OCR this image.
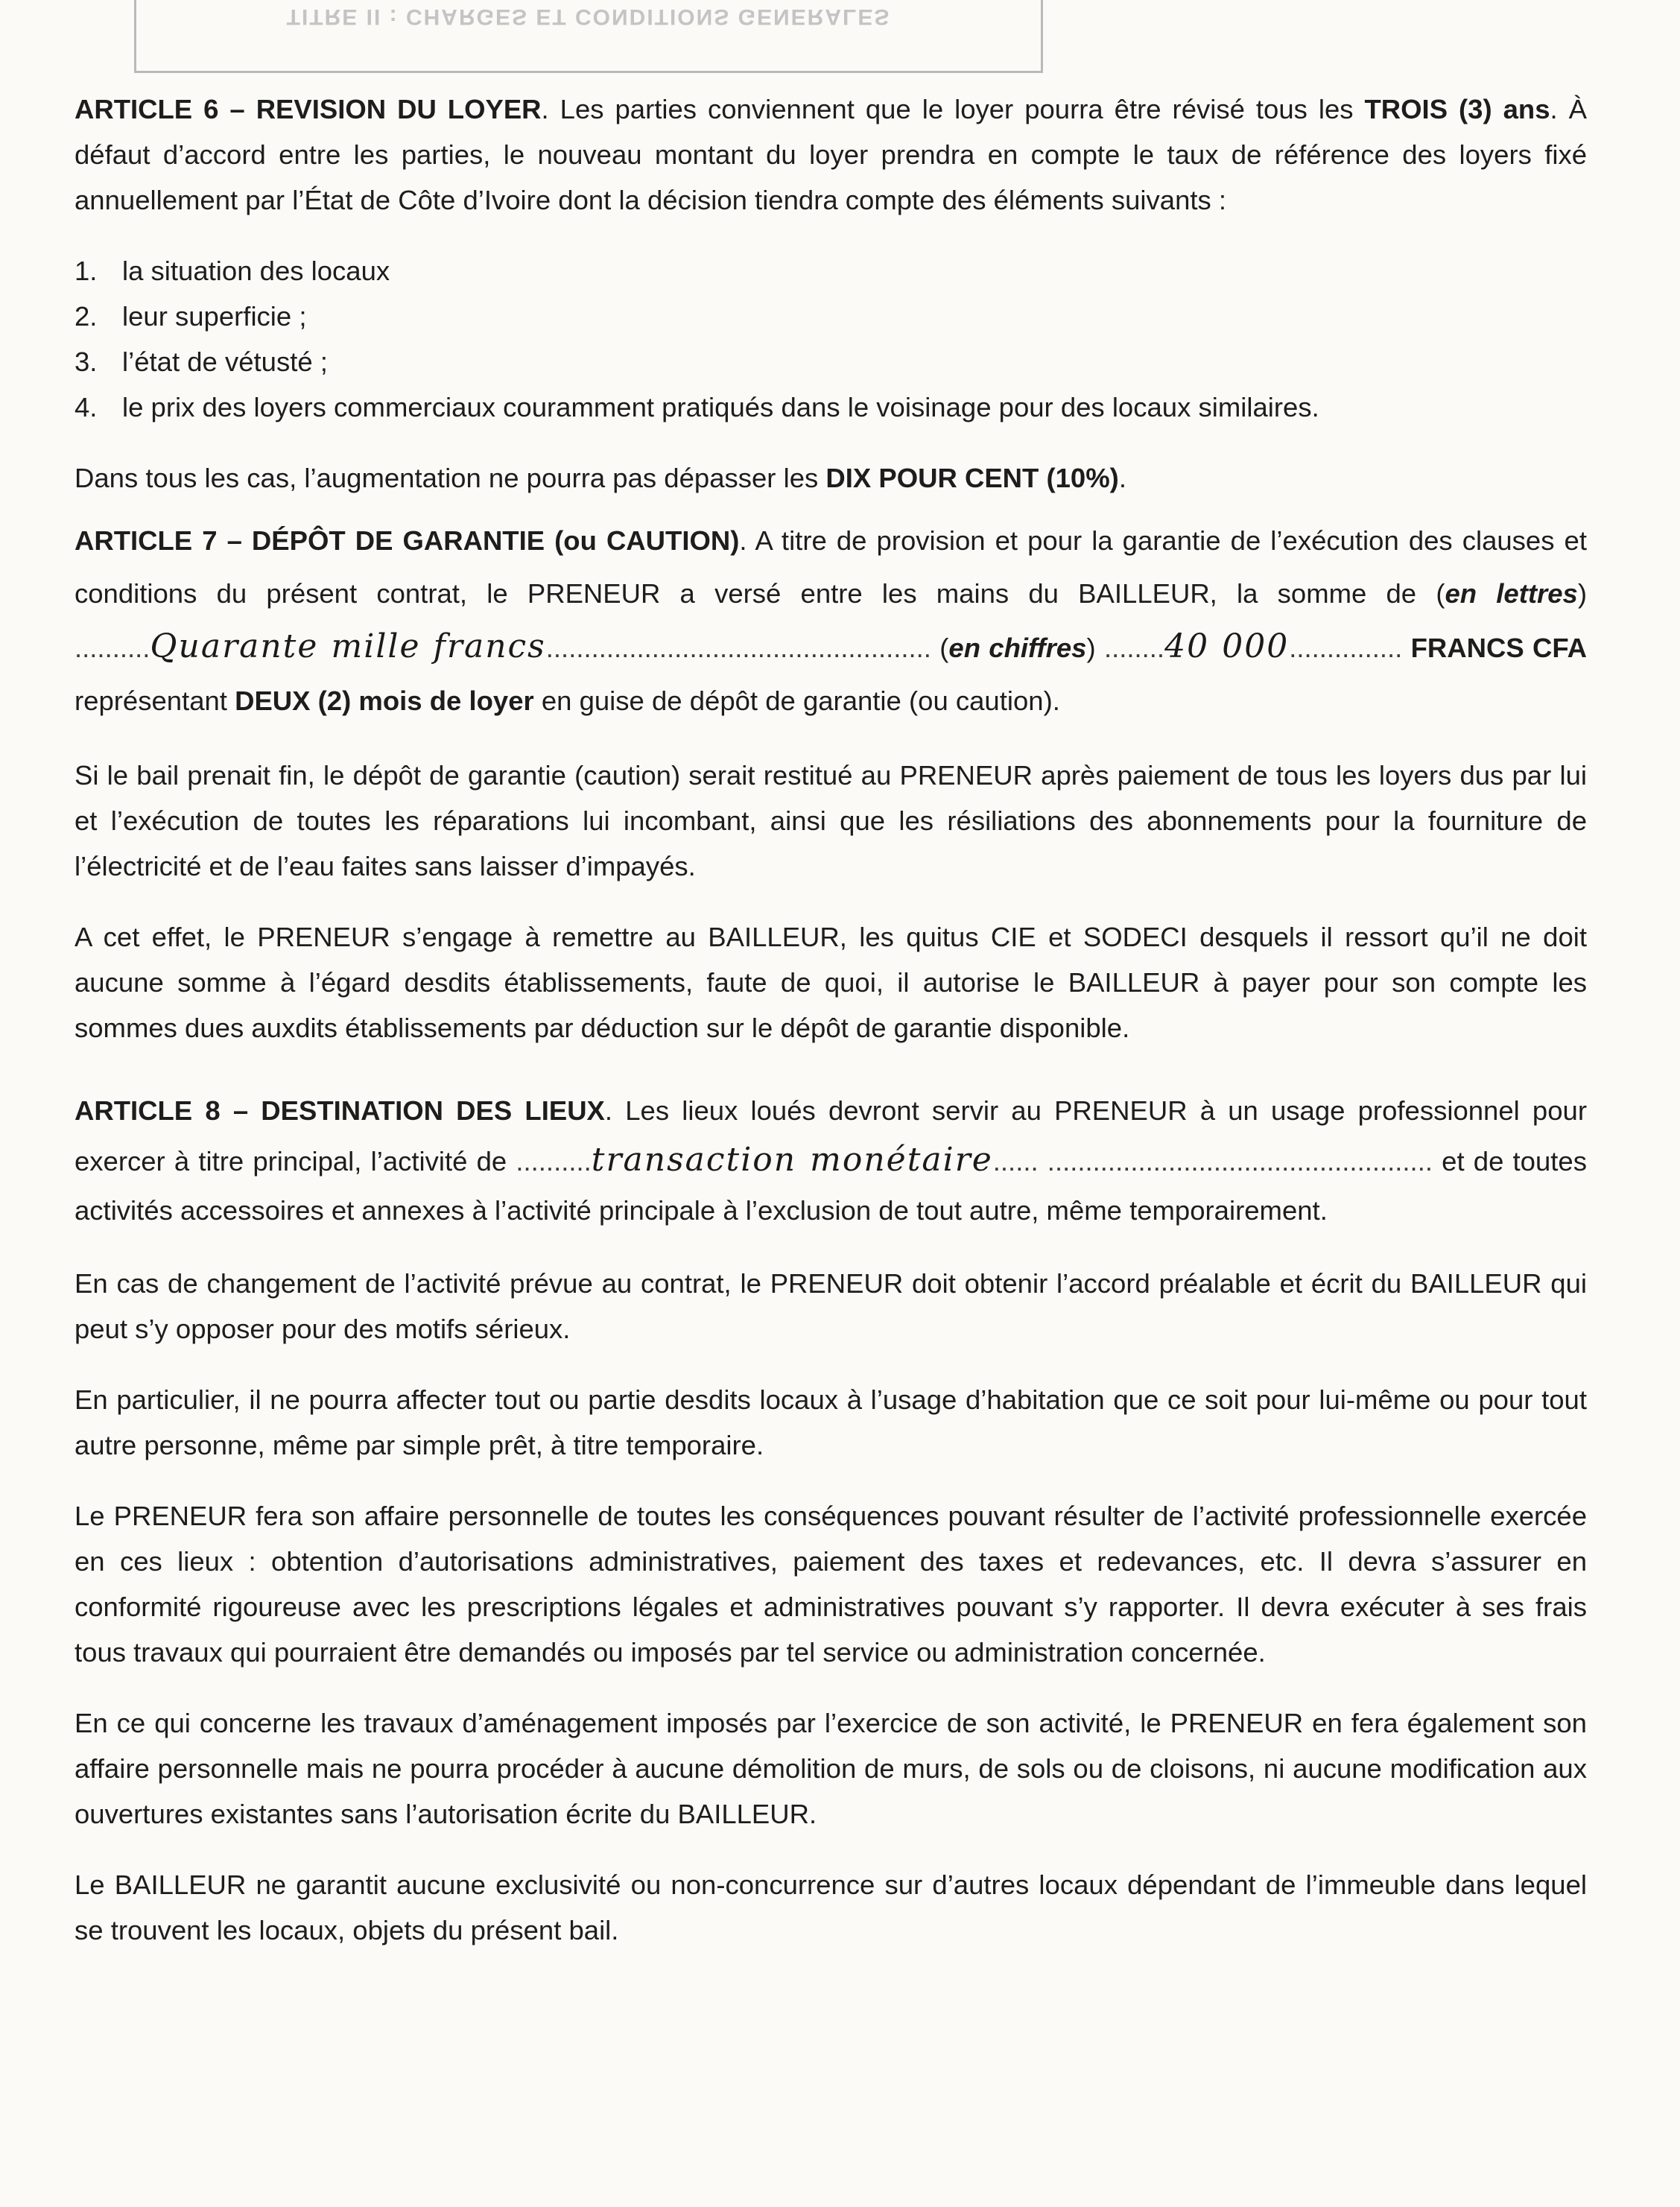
TITRE II : CHARGES ET CONDITIONS GENERALES

ARTICLE 6 – REVISION DU LOYER. Les parties conviennent que le loyer pourra être révisé tous les TROIS (3) ans. À défaut d’accord entre les parties, le nouveau montant du loyer prendra en compte le taux de référence des loyers fixé annuellement par l’État de Côte d’Ivoire dont la décision tiendra compte des éléments suivants :

1. la situation des locaux
2. leur superficie ;
3. l’état de vétusté ;
4. le prix des loyers commerciaux couramment pratiqués dans le voisinage pour des locaux similaires.

Dans tous les cas, l’augmentation ne pourra pas dépasser les DIX POUR CENT (10%).

ARTICLE 7 – DÉPÔT DE GARANTIE (ou CAUTION). A titre de provision et pour la garantie de l’exécution des clauses et conditions du présent contrat, le PRENEUR a versé entre les mains du BAILLEUR, la somme de (en lettres) ..........Quarante mille francs................................................... (en chiffres) ........40 000............... FRANCS CFA représentant DEUX (2) mois de loyer en guise de dépôt de garantie (ou caution).

Si le bail prenait fin, le dépôt de garantie (caution) serait restitué au PRENEUR après paiement de tous les loyers dus par lui et l’exécution de toutes les réparations lui incombant, ainsi que les résiliations des abonnements pour la fourniture de l’électricité et de l’eau faites sans laisser d’impayés.

A cet effet, le PRENEUR s’engage à remettre au BAILLEUR, les quitus CIE et SODECI desquels il ressort qu’il ne doit aucune somme à l’égard desdits établissements, faute de quoi, il autorise le BAILLEUR à payer pour son compte les sommes dues auxdits établissements par déduction sur le dépôt de garantie disponible.

ARTICLE 8 – DESTINATION DES LIEUX. Les lieux loués devront servir au PRENEUR à un usage professionnel pour exercer à titre principal, l’activité de ..........transaction monétaire...... ................................................... et de toutes activités accessoires et annexes à l’activité principale à l’exclusion de tout autre, même temporairement.

En cas de changement de l’activité prévue au contrat, le PRENEUR doit obtenir l’accord préalable et écrit du BAILLEUR qui peut s’y opposer pour des motifs sérieux.

En particulier, il ne pourra affecter tout ou partie desdits locaux à l’usage d’habitation que ce soit pour lui-même ou pour tout autre personne, même par simple prêt, à titre temporaire.

Le PRENEUR fera son affaire personnelle de toutes les conséquences pouvant résulter de l’activité professionnelle exercée en ces lieux : obtention d’autorisations administratives, paiement des taxes et redevances, etc. Il devra s’assurer en conformité rigoureuse avec les prescriptions légales et administratives pouvant s’y rapporter. Il devra exécuter à ses frais tous travaux qui pourraient être demandés ou imposés par tel service ou administration concernée.

En ce qui concerne les travaux d’aménagement imposés par l’exercice de son activité, le PRENEUR en fera également son affaire personnelle mais ne pourra procéder à aucune démolition de murs, de sols ou de cloisons, ni aucune modification aux ouvertures existantes sans l’autorisation écrite du BAILLEUR.

Le BAILLEUR ne garantit aucune exclusivité ou non-concurrence sur d’autres locaux dépendant de l’immeuble dans lequel se trouvent les locaux, objets du présent bail.
